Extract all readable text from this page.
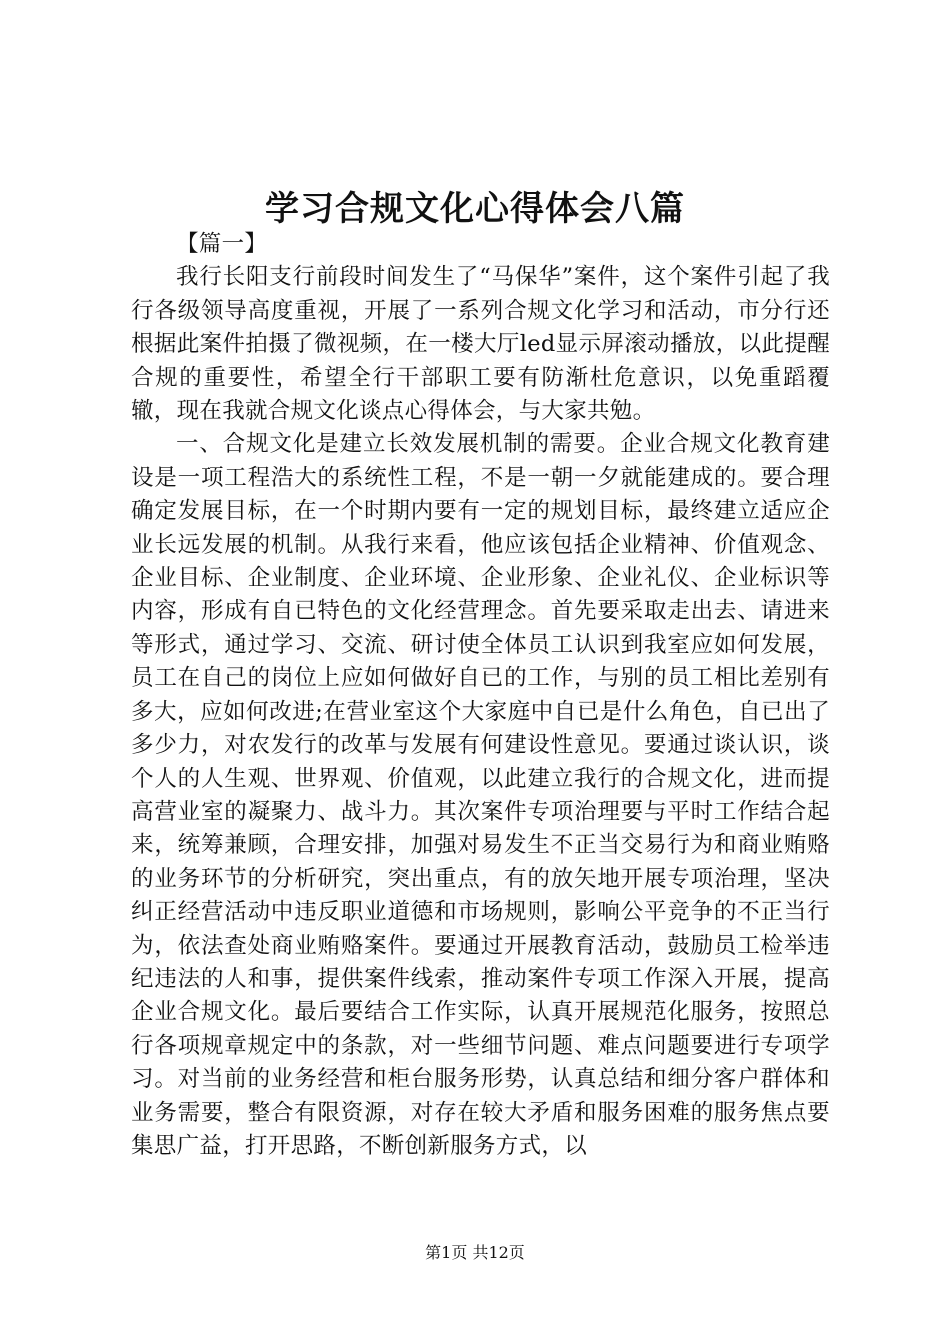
学习合规文化心得体会八篇

【篇一】

我行长阳支行前段时间发生了“马保华”案件，这个案件引起了我行各级领导高度重视，开展了一系列合规文化学习和活动，市分行还根据此案件拍摄了微视频，在一楼大厅led显示屏滚动播放，以此提醒合规的重要性，希望全行干部职工要有防渐杜危意识，以免重蹈覆辙，现在我就合规文化谈点心得体会，与大家共勉。

一、合规文化是建立长效发展机制的需要。企业合规文化教育建设是一项工程浩大的系统性工程，不是一朝一夕就能建成的。要合理确定发展目标，在一个时期内要有一定的规划目标，最终建立适应企业长远发展的机制。从我行来看，他应该包括企业精神、价值观念、企业目标、企业制度、企业环境、企业形象、企业礼仪、企业标识等内容，形成有自已特色的文化经营理念。首先要采取走出去、请进来等形式，通过学习、交流、研讨使全体员工认识到我室应如何发展，员工在自己的岗位上应如何做好自已的工作，与别的员工相比差别有多大，应如何改进;在营业室这个大家庭中自已是什么角色，自已出了多少力，对农发行的改革与发展有何建设性意见。要通过谈认识，谈个人的人生观、世界观、价值观，以此建立我行的合规文化，进而提高营业室的凝聚力、战斗力。其次案件专项治理要与平时工作结合起来，统筹兼顾，合理安排，加强对易发生不正当交易行为和商业贿赂的业务环节的分析研究，突出重点，有的放矢地开展专项治理，坚决纠正经营活动中违反职业道德和市场规则，影响公平竞争的不正当行为，依法查处商业贿赂案件。要通过开展教育活动，鼓励员工检举违纪违法的人和事，提供案件线索，推动案件专项工作深入开展，提高企业合规文化。最后要结合工作实际，认真开展规范化服务，按照总行各项规章规定中的条款，对一些细节问题、难点问题要进行专项学习。对当前的业务经营和柜台服务形势，认真总结和细分客户群体和业务需要，整合有限资源，对存在较大矛盾和服务困难的服务焦点要集思广益，打开思路，不断创新服务方式，以

第1页 共12页
